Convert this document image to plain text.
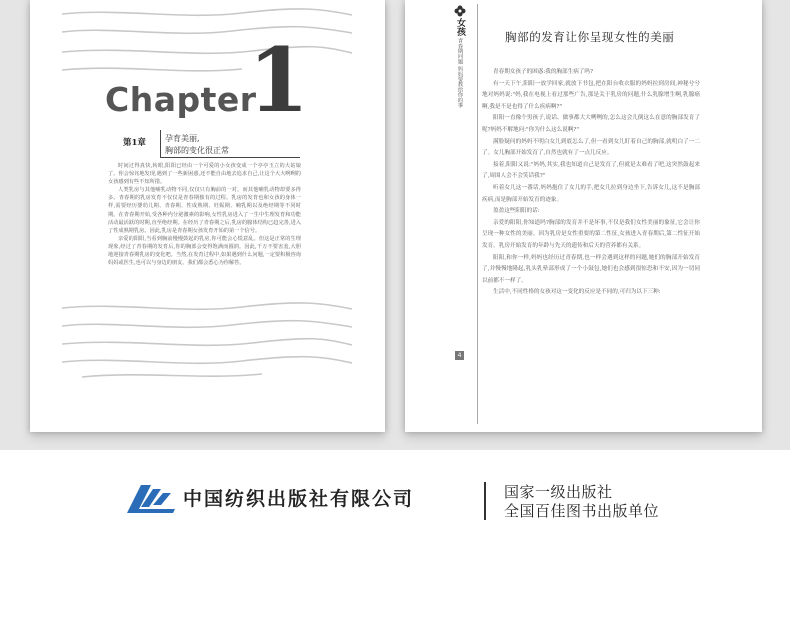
Chapter
1
第1章 孕育美丽,
胸部的变化很正常

时间过得真快,转眼,阳阳已经由一个可爱的小女孩变成一个亭亭玉立的大姑娘了。你会惊诧地发现,遇到了一些新困惑,还不能自由地去追求自己,让这个大大咧咧的女孩感到有些不知所措。

人类乳房与其他哺乳动物不同,仅仅只有胸前的一对。而其他哺乳动物却要多得多。青春期的乳房发育不仅仅是青春期独有的过程。乳房的发育也和女孩的身体一样,需要经历婴幼儿期、青春期、性成熟期、妊娠期、哺乳期以及绝经期等不同时期。在青春期开始,受各种内分泌激素的影响,女性乳房进入了一生中生理发育和功能活动最活跃的时期,直至绝经期。在经历了青春期之后,乳房的腺体结构已趋完善,进入了性成熟期乳房。因此,乳房是青春期女孩发育开始的第一个信号。

亲爱的阳阳,当看到胸前慢慢鼓起的乳房,你可能会心慌意乱。但这是正常的生理现象,经过了青春期的发育后,你的胸部会变得饱满而圆润。因此,千万不要害羞,大胆地迎接青春期乳房的变化吧。当然,在发育过程中,如果遇到什么问题,一定要积极咨询妈妈或医生,也可以与身边的朋友、我们都会悉心为你解答。

女孩
青春期问题
妈妈要教给你的事
胸部的发育让你呈现女性的美丽

青春期女孩子的困惑:我的胸部生病了吗?

有一天下午,阳阳一放学回家,就放下书包,把在阳台收衣服的妈妈拉到房间,神秘兮兮地对妈妈说:"妈,我在电视上看过那些广告,那是关于乳房的问题,什么乳腺增生啊,乳腺癌啊,我是不是也得了什么疾病啊?"

阳阳一直像个男孩子,说话、做事都大大咧咧的,怎么这会儿倒这么在意的胸部发育了呢?妈妈不解地问:"你为什么这么说啊?"

满脸疑问的妈妈不明白女儿到底怎么了,但一看到女儿盯着自己的胸部,就明白了一二了。女儿胸部开始发育了,自然也就有了一点儿反应。

接着,阳阳又说:"妈妈,其实,我也知道自己是发育了,但就是太难看了吧,这突然鼓起来了,周围人会不会笑话我?"

听着女儿这一番话,妈妈抱住了女儿的手,把女儿拉到身边坐下,告诉女儿,这不是胸部疾病,而是胸部开始发育的迹象。

盈盈这些阳阳的话:

亲爱的阳阳,你知道吗?胸部的发育并不是坏事,不仅是我们女性美丽的象征,它会让你呈现一种女性的美丽。因为乳房是女性重要的第二性征,女孩进入青春期后,第二性征开始发育。乳房开始发育的年龄与先天的遗传和后天的营养都有关系。

阳阳,和你一样,妈妈也经历过青春期,也一样会遇到这样的问题,她们的胸部开始发育了,并慢慢地隆起,乳头乳晕部形成了一个小鼓包,她们也会感到很惊恐和不安,因为一切同以前都不一样了。

生活中,不同性格的女孩对这一变化的反应是不同的,可归为以下三种:

4
中国纺织出版社有限公司	国家一级出版社
全国百佳图书出版单位
